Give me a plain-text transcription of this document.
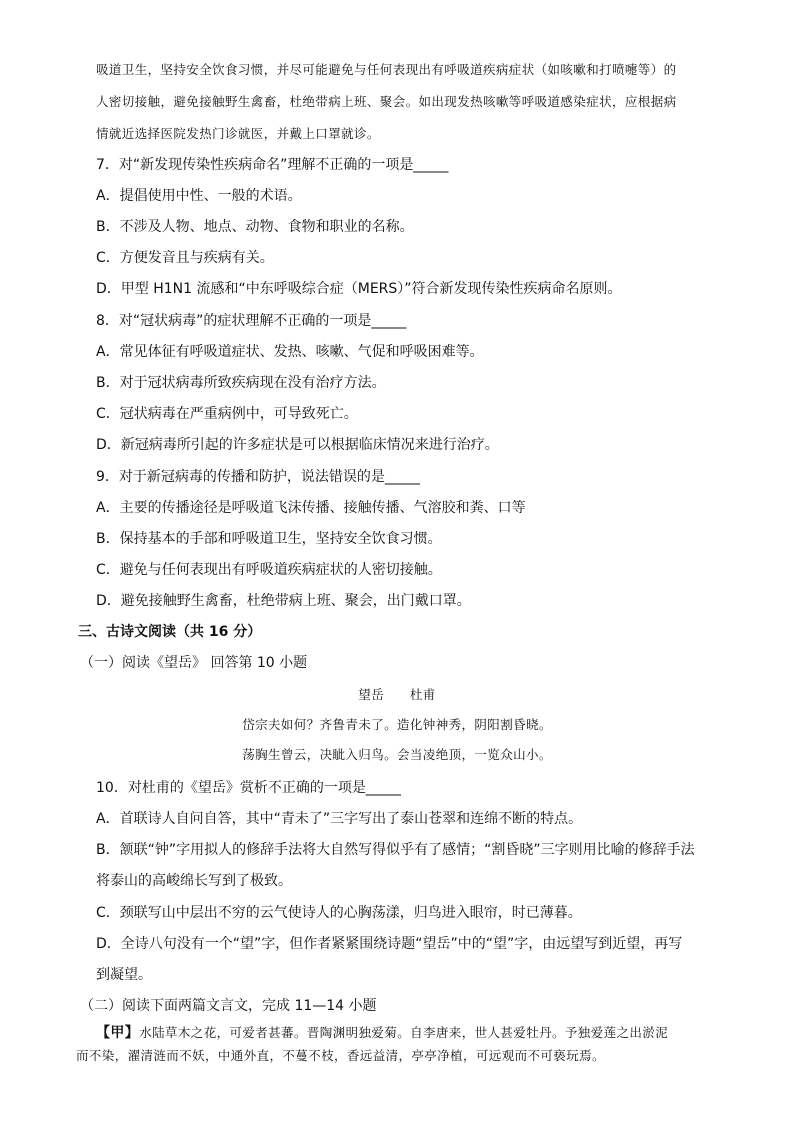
吸道卫生，坚持安全饮食习惯，并尽可能避免与任何表现出有呼吸道疾病症状（如咳嗽和打喷嚏等）的
人密切接触，避免接触野生禽畜，杜绝带病上班、聚会。如出现发热咳嗽等呼吸道感染症状，应根据病
情就近选择医院发热门诊就医，并戴上口罩就诊。
7．对“新发现传染性疾病命名”理解不正确的一项是_____
A．提倡使用中性、一般的术语。
B．不涉及人物、地点、动物、食物和职业的名称。
C．方便发音且与疾病有关。
D．甲型 H1N1 流感和“中东呼吸综合症（MERS）”符合新发现传染性疾病命名原则。
8．对“冠状病毒”的症状理解不正确的一项是_____
A．常见体征有呼吸道症状、发热、咳嗽、气促和呼吸困难等。
B．对于冠状病毒所致疾病现在没有治疗方法。
C．冠状病毒在严重病例中，可导致死亡。
D．新冠病毒所引起的许多症状是可以根据临床情况来进行治疗。
9．对于新冠病毒的传播和防护，说法错误的是_____
A．主要的传播途径是呼吸道飞沫传播、接触传播、气溶胶和粪、口等
B．保持基本的手部和呼吸道卫生，坚持安全饮食习惯。
C．避免与任何表现出有呼吸道疾病症状的人密切接触。
D．避免接触野生禽畜，杜绝带病上班、聚会，出门戴口罩。
三、古诗文阅读（共 16 分）
（一）阅读《望岳》 回答第 10 小题
望岳　　杜甫
岱宗夫如何？齐鲁青未了。造化钟神秀，阴阳割昏晓。
荡胸生曾云，决眦入归鸟。会当凌绝顶，一览众山小。
10．对杜甫的《望岳》赏析不正确的一项是_____
A．首联诗人自问自答，其中“青未了”三字写出了泰山苍翠和连绵不断的特点。
B．颔联“钟”字用拟人的修辞手法将大自然写得似乎有了感情；“割昏晓”三字则用比喻的修辞手法
将泰山的高峻绵长写到了极致。
C．颈联写山中层出不穷的云气使诗人的心胸荡漾，归鸟进入眼帘，时已薄暮。
D．全诗八句没有一个“望”字，但作者紧紧围绕诗题“望岳”中的“望”字，由远望写到近望，再写
到凝望。
（二）阅读下面两篇文言文，完成 11—14 小题
【甲】水陆草木之花，可爱者甚蕃。晋陶渊明独爱菊。自李唐来，世人甚爱牡丹。予独爱莲之出淤泥
而不染，濯清涟而不妖，中通外直，不蔓不枝，香远益清，亭亭净植，可远观而不可亵玩焉。
